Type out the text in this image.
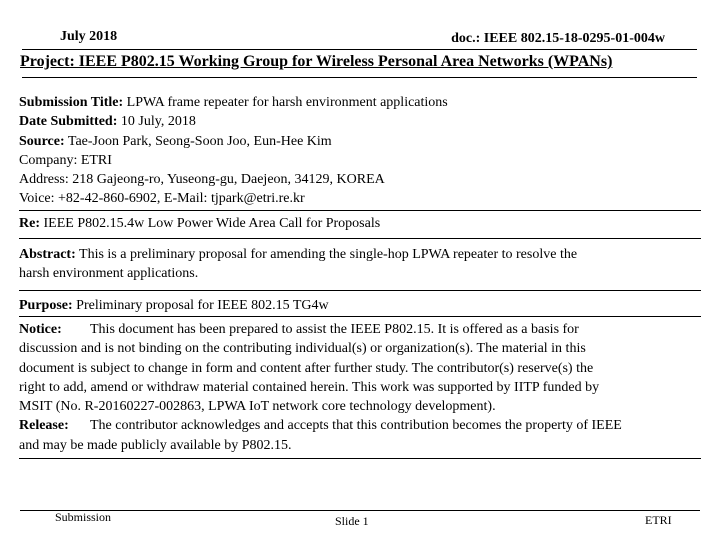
July 2018	doc.: IEEE 802.15-18-0295-01-004w
Project: IEEE P802.15 Working Group for Wireless Personal Area Networks (WPANs)
Submission Title: LPWA frame repeater for harsh environment applications
Date Submitted: 10 July, 2018
Source: Tae-Joon Park, Seong-Soon Joo, Eun-Hee Kim
Company: ETRI
Address: 218 Gajeong-ro, Yuseong-gu, Daejeon, 34129, KOREA
Voice: +82-42-860-6902, E-Mail: tjpark@etri.re.kr
Re: IEEE P802.15.4w Low Power Wide Area Call for Proposals
Abstract: This is a preliminary proposal for amending the single-hop LPWA repeater to resolve the
harsh environment applications.
Purpose: Preliminary proposal for IEEE 802.15 TG4w
Notice: This document has been prepared to assist the IEEE P802.15. It is offered as a basis for
discussion and is not binding on the contributing individual(s) or organization(s). The material in this
document is subject to change in form and content after further study. The contributor(s) reserve(s) the
right to add, amend or withdraw material contained herein. This work was supported by IITP funded by
MSIT (No. R-20160227-002863, LPWA IoT network core technology development).
Release: The contributor acknowledges and accepts that this contribution becomes the property of IEEE
and may be made publicly available by P802.15.
Submission	Slide 1	ETRI
